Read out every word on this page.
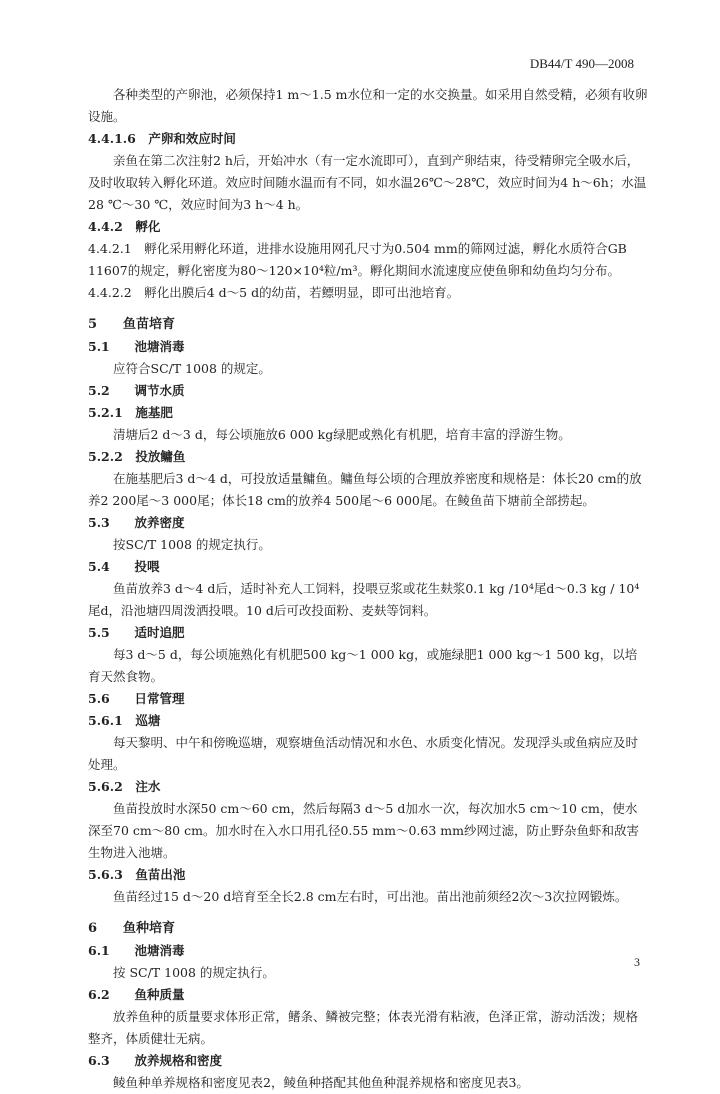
DB44/T 490—2008

各种类型的产卵池，必须保持1 m～1.5 m水位和一定的水交换量。如采用自然受精，必须有收卵设施。

4.4.1.6　 产卵和效应时间

亲鱼在第二次注射2 h后，开始冲水（有一定水流即可），直到产卵结束，待受精卵完全吸水后，及时收取转入孵化环道。效应时间随水温而有不同，如水温26℃～28℃，效应时间为4 h～6h；水温28 ℃～30 ℃，效应时间为3 h～4 h。

4.4.2　 孵化

4.4.2.1　孵化采用孵化环道，进排水设施用网孔尺寸为0.504 mm的筛网过滤，孵化水质符合GB 11607的规定，孵化密度为80～120×10⁴粒/m³。孵化期间水流速度应使鱼卵和幼鱼均匀分布。

4.4.2.2　孵化出膜后4 d～5 d的幼苗，若鳔明显，即可出池培育。

5　 鱼苗培育
5.1　 池塘消毒

应符合SC/T 1008 的规定。

5.2　 调节水质
5.2.1　 施基肥

清塘后2 d～3 d，每公顷施放6 000 kg绿肥或熟化有机肥，培育丰富的浮游生物。

5.2.2　 投放鳙鱼

在施基肥后3 d～4 d，可投放适量鳙鱼。鳙鱼每公顷的合理放养密度和规格是：体长20 cm的放养2 200尾～3 000尾；体长18 cm的放养4 500尾～6 000尾。在鲮鱼苗下塘前全部捞起。

5.3　 放养密度

按SC/T 1008 的规定执行。

5.4　 投喂

鱼苗放养3 d～4 d后，适时补充人工饲料，投喂豆浆或花生麸浆0.1 kg /10⁴尾d～0.3 kg / 10⁴ 尾d，沿池塘四周泼洒投喂。10 d后可改投面粉、麦麸等饲料。

5.5　 适时追肥

每3 d～5 d，每公顷施熟化有机肥500 kg～1 000 kg，或施绿肥1 000 kg～1 500 kg，以培育天然食物。

5.6　 日常管理
5.6.1　 巡塘

每天黎明、中午和傍晚巡塘，观察塘鱼活动情况和水色、水质变化情况。发现浮头或鱼病应及时处理。

5.6.2　 注水

鱼苗投放时水深50 cm～60 cm，然后每隔3 d～5 d加水一次，每次加水5 cm～10 cm，使水深至70 cm～80 cm。加水时在入水口用孔径0.55 mm～0.63 mm纱网过滤，防止野杂鱼虾和敌害生物进入池塘。

5.6.3　 鱼苗出池

鱼苗经过15 d～20 d培育至全长2.8 cm左右时，可出池。苗出池前须经2次～3次拉网锻炼。

6　 鱼种培育
6.1　 池塘消毒

按 SC/T 1008 的规定执行。

6.2　 鱼种质量

放养鱼种的质量要求体形正常，鳍条、鳞被完整；体表光滑有粘液，色泽正常，游动活泼；规格整齐，体质健壮无病。

6.3　 放养规格和密度

鲮鱼种单养规格和密度见表2，鲮鱼种搭配其他鱼种混养规格和密度见表3。

3
